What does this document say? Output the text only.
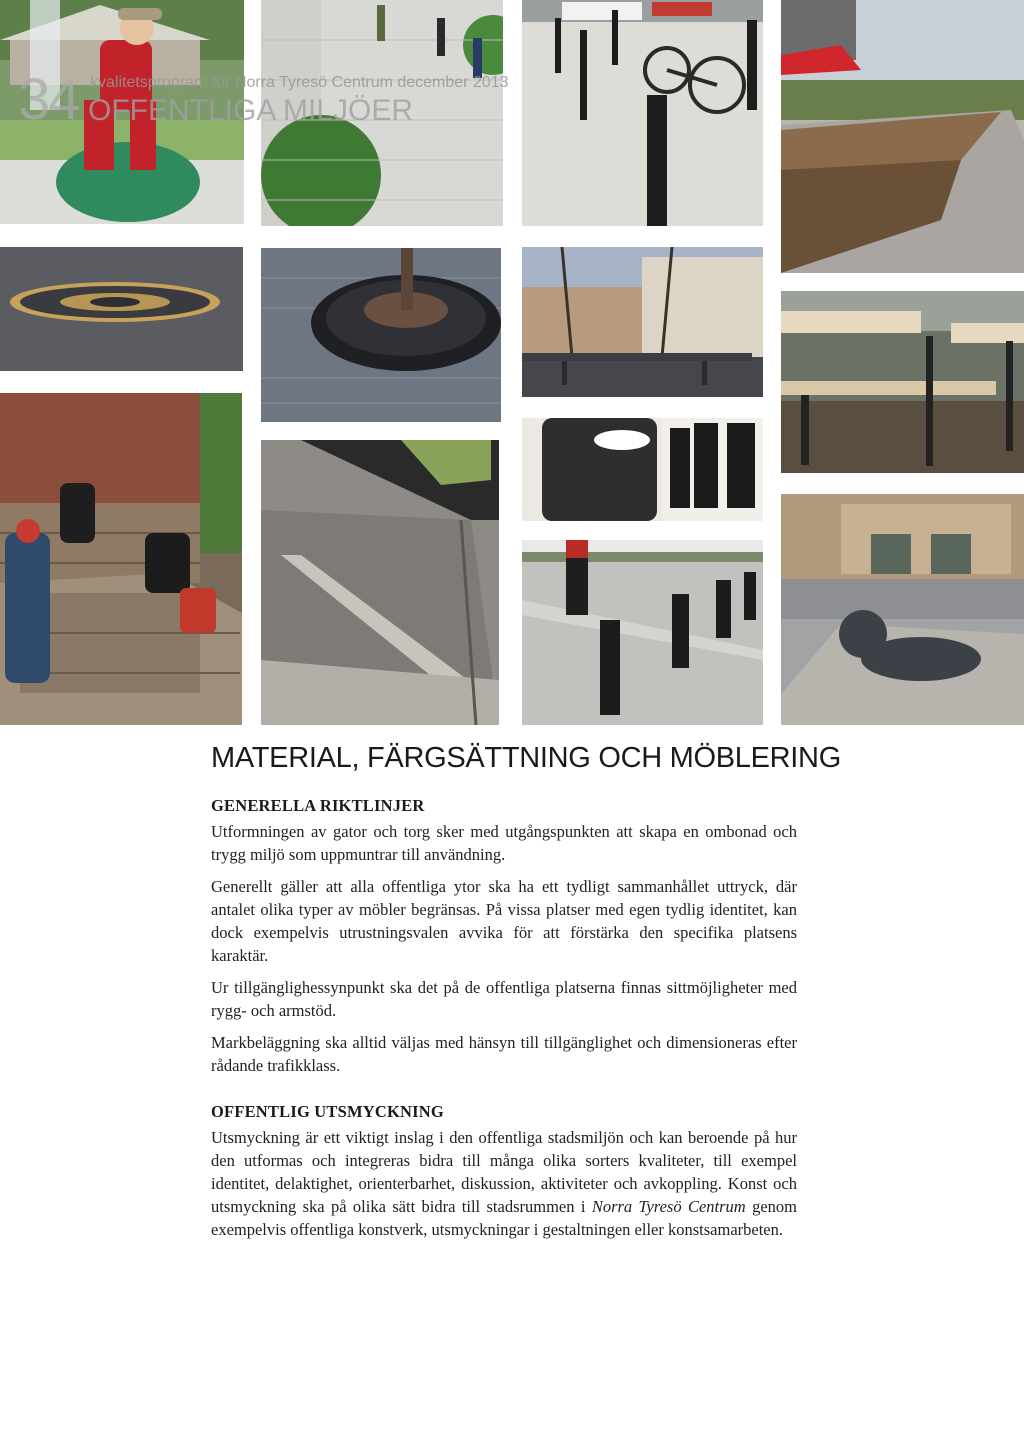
34 kvalitetsprogram för Norra Tyresö Centrum december 2013
OFFENTLIGA MILJÖER
MATERIAL, FÄRGSÄTTNING OCH MÖBLERING
GENERELLA RIKTLINJER

Utformningen av gator och torg sker med utgångspunkten att skapa en ombonad och trygg miljö som uppmuntrar till användning.

Generellt gäller att alla offentliga ytor ska ha ett tydligt sammanhållet uttryck, där antalet olika typer av möbler begränsas. På vissa platser med egen tydlig identitet, kan dock exempelvis utrustningsvalen avvika för att förstärka den specifika platsens karaktär.

Ur tillgänglighessynpunkt ska det på de offentliga platserna finnas sittmöjligheter med rygg- och armstöd.

Markbeläggning ska alltid väljas med hänsyn till tillgänglighet och dimensioneras efter rådande trafikklass.

OFFENTLIG UTSMYCKNING

Utsmyckning är ett viktigt inslag i den offentliga stadsmiljön och kan beroende på hur den utformas och integreras bidra till många olika sorters kvaliteter, till exempel identitet, delaktighet, orienterbarhet, diskussion, aktiviteter och avkoppling. Konst och utsmyckning ska på olika sätt bidra till stadsrummen i Norra Tyresö Centrum genom exempelvis offentliga konstverk, utsmyckningar i gestaltningen eller konstsamarbeten.
